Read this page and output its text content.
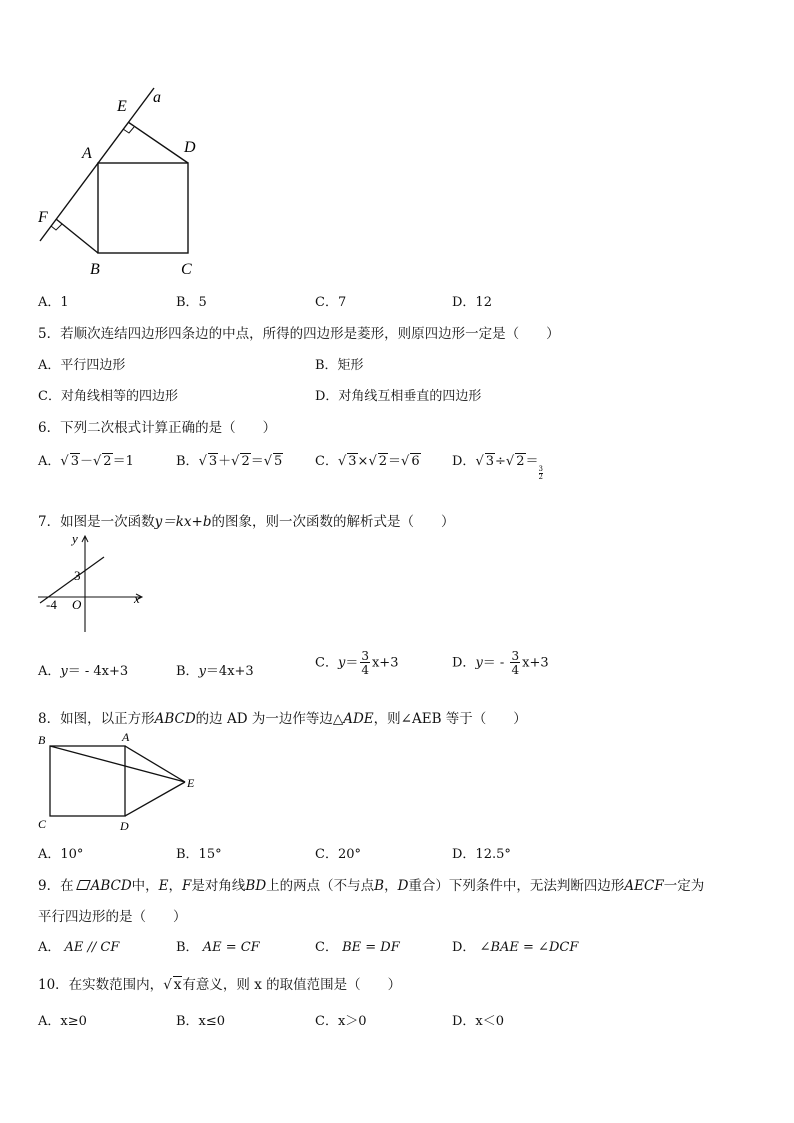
E
a
A	D
F
B	C
A．1	B．5	C．7	D．12
5．若顺次连结四边形四条边的中点，所得的四边形是菱形，则原四边形一定是（　　）
A．平行四边形	B．矩形
C．对角线相等的四边形	D．对角线互相垂直的四边形
6．下列二次根式计算正确的是（　　）
A．√ 3－√ 2＝1	B．√ 3＋√ 2＝√ 5	C．√ 3×√ 2＝√ 6 D．√ 3÷√ 2＝
$\frac{3}{2}$
7．如图是一次函数y＝kx+b的图象，则一次函数的解析式是（　　）
y
x
O
3
-4
A．y＝ - 4x+3	B．y＝4x+3
C．$y= \frac{3}{4} x+3$	D．$y= - \frac{3}{4} x+3$
8．如图，以正方形ABCD的边 AD 为一边作等边△ADE，则∠AEB 等于（　　）
B	A
E
C	D
A．10°	B．15°	C．20°	D．12.5°
9．在 ABCD中，E，F是对角线BD上的两点（不与点B，D重合）下列条件中，无法判断四边形AECF一定为
平行四边形的是（　　）
A． AE // CF	B． AE = CF	C． BE = DF	D． ∠BAE = ∠DCF
10．在实数范围内，√ x有意义，则 x 的取值范围是（　　）
A．x≥0	B．x≤0	C．x＞0	D．x＜0
